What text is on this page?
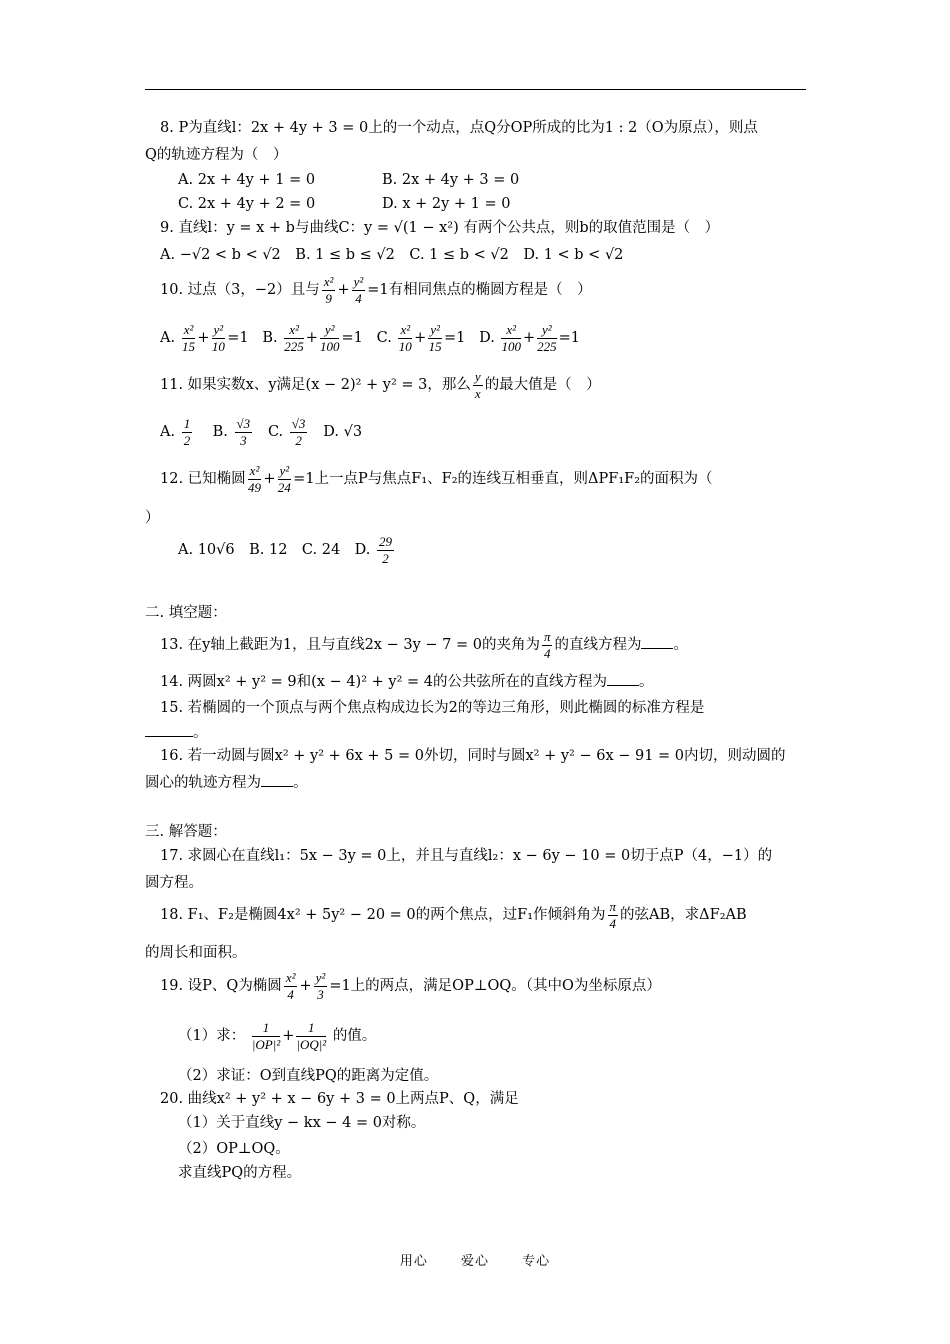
8. P为直线l：2x + 4y + 3 = 0上的一个动点，点Q分OP所成的比为1 : 2（O为原点），则点
Q的轨迹方程为（　）
A. 2x + 4y + 1 = 0	B. 2x + 4y + 3 = 0
C. 2x + 4y + 2 = 0	D. x + 2y + 1 = 0
9. 直线l：y = x + b与曲线C：y = √(1 − x²) 有两个公共点，则b的取值范围是（　）
A. −√2 < b < √2　B. 1 ≤ b ≤ √2　C. 1 ≤ b < √2　D. 1 < b < √2
10. 过点（3，−2）且与 $\frac{\text{x²}}{9} + \frac{\text{y²}}{4} =1$有相同焦点的椭圆方程是（　）
A. $\frac{\text{x²}}{15} + \frac{\text{y²}}{10} =1$   B. $\frac{\text{x²}}{225} + \frac{\text{y²}}{100} =1$   C. $\frac{\text{x²}}{10} + \frac{\text{y²}}{15} =1$   D. $\frac{\text{x²}}{100} + \frac{\text{y²}}{225} =1$
11. 如果实数x、y满足(x − 2)² + y² = 3，那么 $\frac{y}{x}$ 的最大值是（　）
A. $\frac{1}{2} B$. $\frac{√3}{3} C$. $\frac{√3}{2} D$. √3
12. 已知椭圆 $\frac{\text{x²}}{49} + \frac{\text{y²}}{24} =1$上一点P与焦点F₁、F₂的连线互相垂直，则ΔPF₁F₂的面积为（
）
A. 10√6　B. 12　C. 24　D. $\frac{29}{2}$
二. 填空题：
13. 在y轴上截距为1，且与直线2x − 3y − 7 = 0的夹角为 $\frac{\pi}{4}$ 的直线方程为 。
14. 两圆x² + y² = 9和(x − 4)² + y² = 4的公共弦所在的直线方程为 。
15. 若椭圆的一个顶点与两个焦点构成边长为2的等边三角形，则此椭圆的标准方程是
。
16. 若一动圆与圆x² + y² + 6x + 5 = 0外切，同时与圆x² + y² − 6x − 91 = 0内切，则动圆的
圆心的轨迹方程为 。
三. 解答题：
17. 求圆心在直线l₁：5x − 3y = 0上，并且与直线l₂：x − 6y − 10 = 0切于点P（4，−1）的
圆方程。
18. F₁、F₂是椭圆4x² + 5y² − 20 = 0的两个焦点，过F₁作倾斜角为 $\frac{\pi}{4}$ 的弦AB，求ΔF₂AB
的周长和面积。
19. 设P、Q为椭圆 $\frac{\text{x²}}{4} + \frac{\text{y²}}{3} =1$上的两点，满足OP⊥OQ。（其中O为坐标原点）
（1）求： $\frac{1}{\text{|OP|²}} + \frac{1}{\text{|OQ|²}}$ 的值。
（2）求证：O到直线PQ的距离为定值。
20. 曲线x² + y² + x − 6y + 3 = 0上两点P、Q，满足
（1）关于直线y − kx − 4 = 0对称。
（2）OP⊥OQ。
求直线PQ的方程。
用心 爱心 专心
